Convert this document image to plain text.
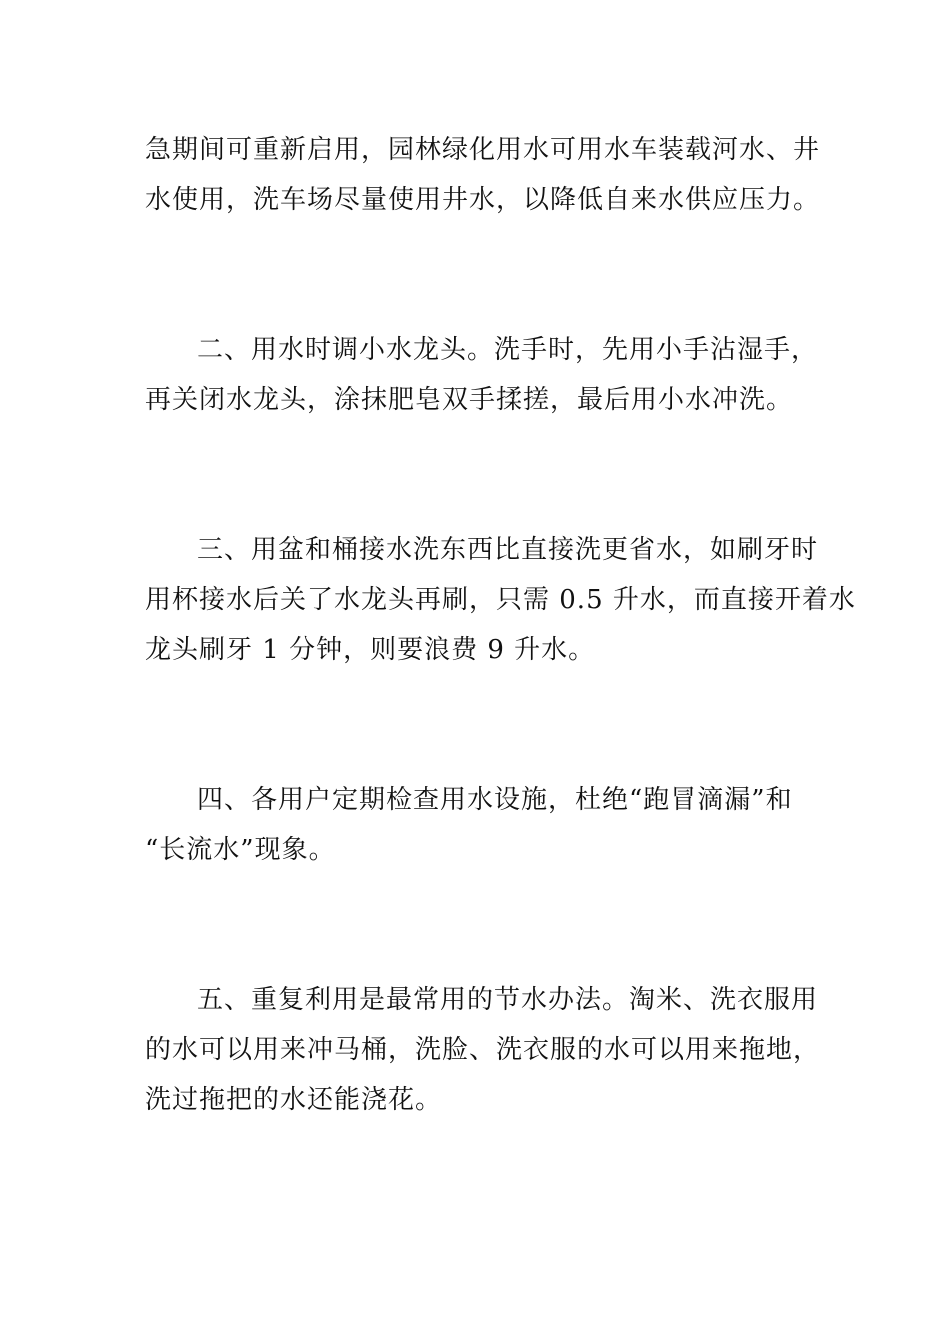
急期间可重新启用，园林绿化用水可用水车装载河水、井
水使用，洗车场尽量使用井水，以降低自来水供应压力。
二、用水时调小水龙头。洗手时，先用小手沾湿手，
再关闭水龙头，涂抹肥皂双手揉搓，最后用小水冲洗。
三、用盆和桶接水洗东西比直接洗更省水，如刷牙时
用杯接水后关了水龙头再刷，只需 0.5 升水，而直接开着水
龙头刷牙 1 分钟，则要浪费 9 升水。
四、各用户定期检查用水设施，杜绝“跑冒滴漏”和
“长流水”现象。
五、重复利用是最常用的节水办法。淘米、洗衣服用
的水可以用来冲马桶，洗脸、洗衣服的水可以用来拖地，
洗过拖把的水还能浇花。
